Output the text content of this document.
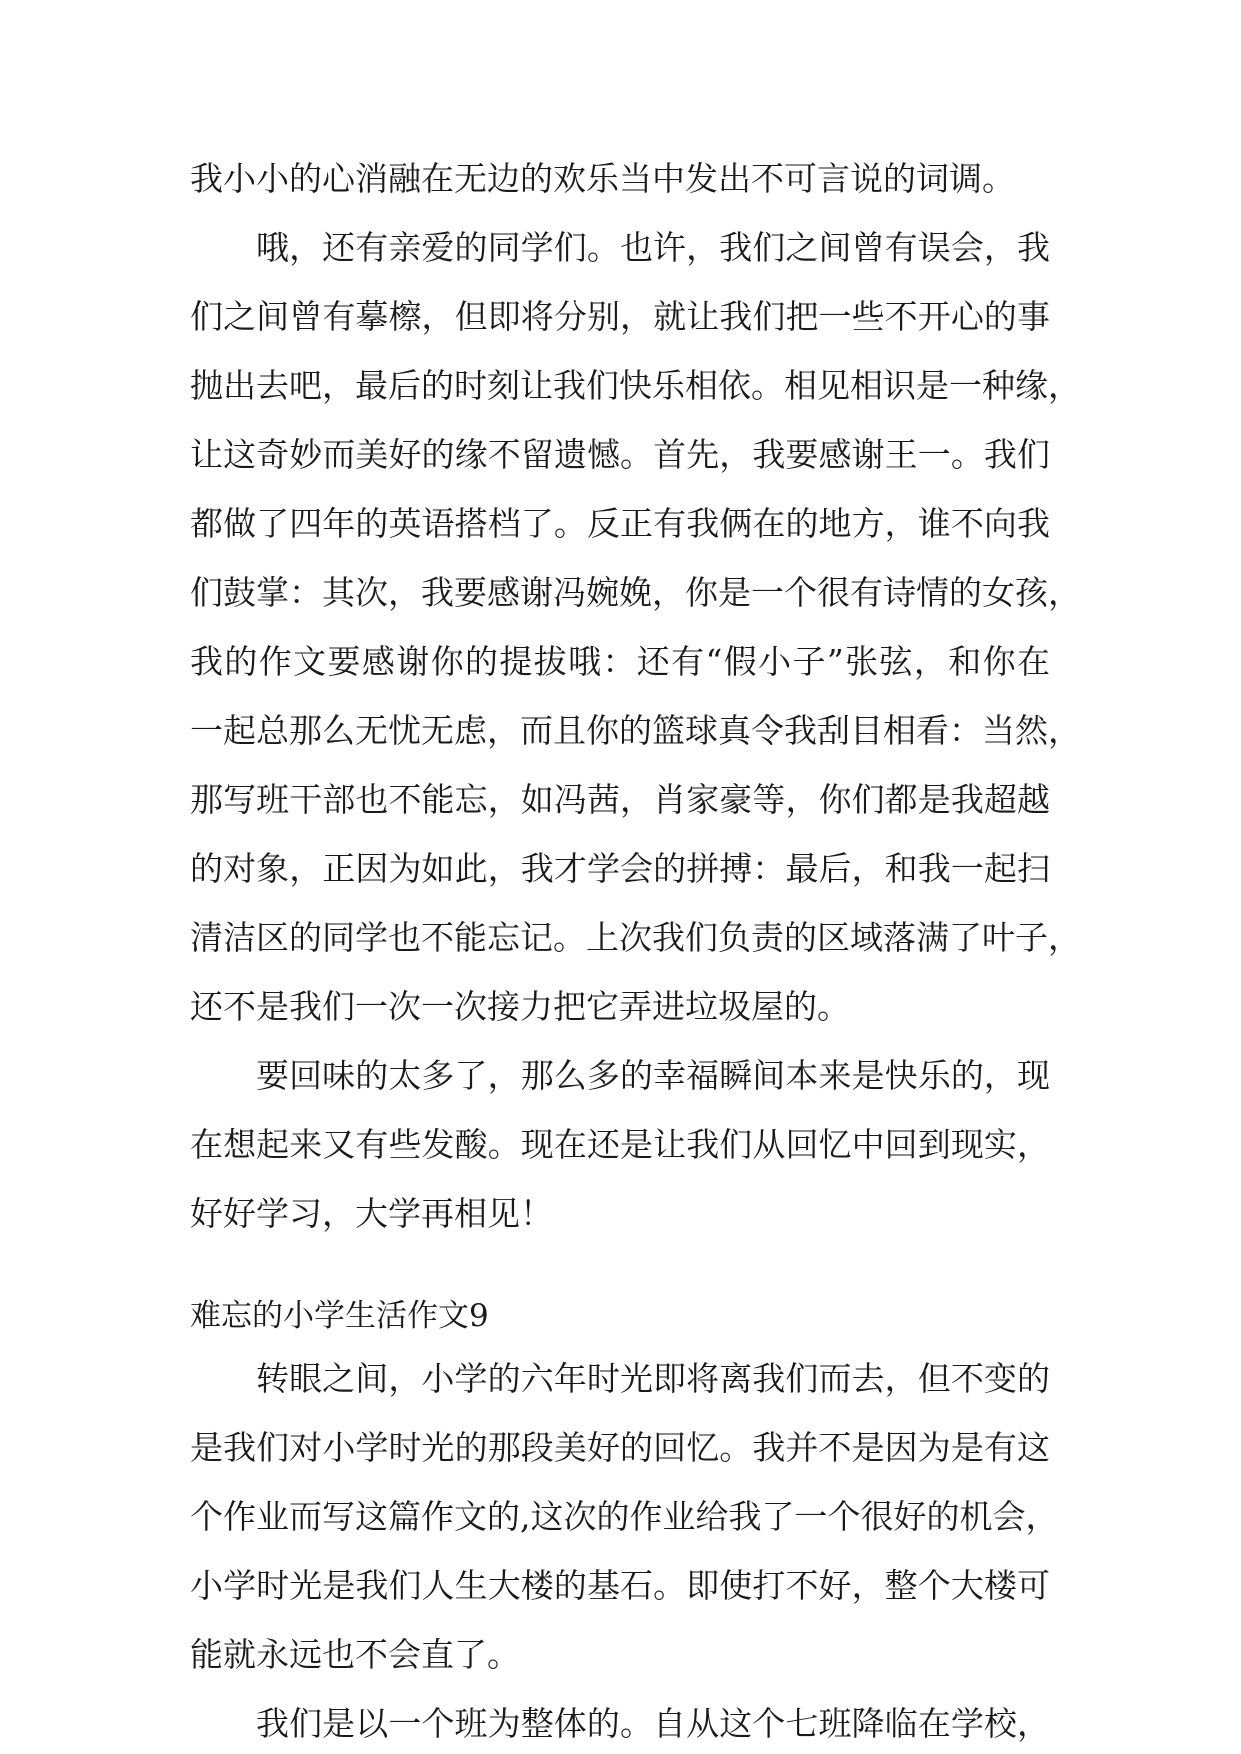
我小小的心消融在无边的欢乐当中发出不可言说的词调。
哦，还有亲爱的同学们。也许，我们之间曾有误会，我
们之间曾有摹檫，但即将分别，就让我们把一些不开心的事
抛出去吧，最后的时刻让我们快乐相依。相见相识是一种缘，
让这奇妙而美好的缘不留遗憾。首先，我要感谢王一。我们
都做了四年的英语搭档了。反正有我俩在的地方，谁不向我
们鼓掌：其次，我要感谢冯婉娩，你是一个很有诗情的女孩，
我的作文要感谢你的提拔哦：还有“假小子”张弦，和你在
一起总那么无忧无虑，而且你的篮球真令我刮目相看：当然，
那写班干部也不能忘，如冯茜，肖家豪等，你们都是我超越
的对象，正因为如此，我才学会的拼搏：最后，和我一起扫
清洁区的同学也不能忘记。上次我们负责的区域落满了叶子，
还不是我们一次一次接力把它弄进垃圾屋的。
要回味的太多了，那么多的幸福瞬间本来是快乐的，现
在想起来又有些发酸。现在还是让我们从回忆中回到现实，
好好学习，大学再相见！
难忘的小学生活作文9
转眼之间，小学的六年时光即将离我们而去，但不变的
是我们对小学时光的那段美好的回忆。我并不是因为是有这
个作业而写这篇作文的,这次的作业给我了一个很好的机会，
小学时光是我们人生大楼的基石。即使打不好，整个大楼可
能就永远也不会直了。
我们是以一个班为整体的。自从这个七班降临在学校，
